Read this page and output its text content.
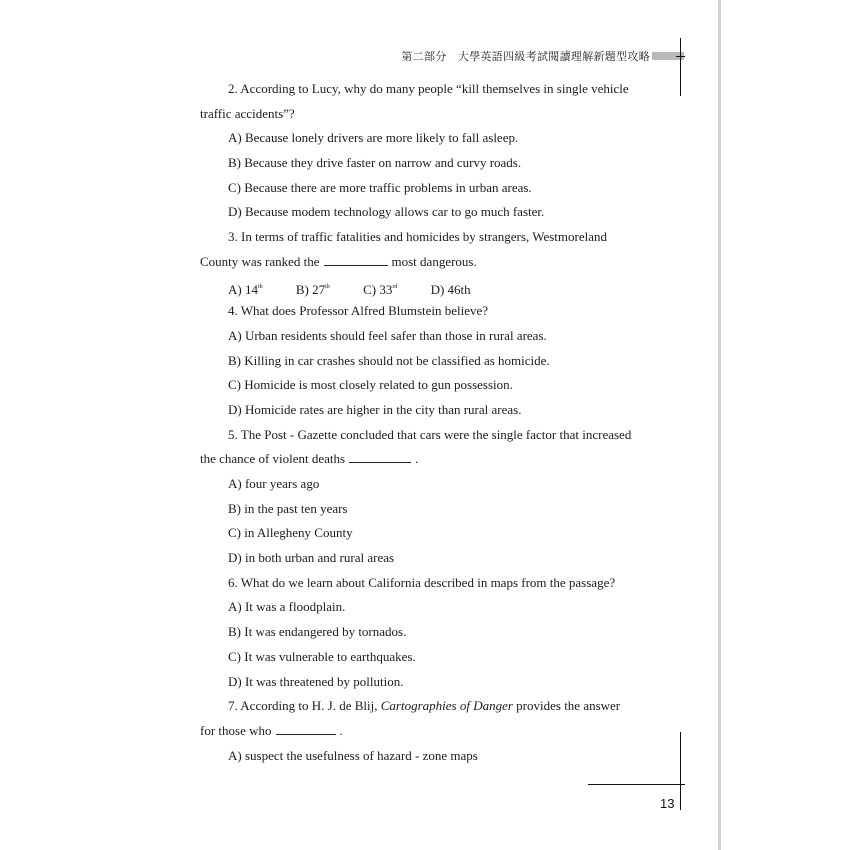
第二部分　大學英語四級考試閱讀理解新題型攻略
2. According to Lucy, why do many people “kill themselves in single vehicle
traffic accidents”?
A) Because lonely drivers are more likely to fall asleep.
B) Because they drive faster on narrow and curvy roads.
C) Because there are more traffic problems in urban areas.
D) Because modem technology allows car to go much faster.
3. In terms of traffic fatalities and homicides by strangers, Westmoreland
County was ranked the	most dangerous.
A) 14th	B) 27th	C) 33rd	D) 46th
4. What does Professor Alfred Blumstein believe?
A) Urban residents should feel safer than those in rural areas.
B) Killing in car crashes should not be classified as homicide.
C) Homicide is most closely related to gun possession.
D) Homicide rates are higher in the city than rural areas.
5. The Post - Gazette concluded that cars were the single factor that increased
the chance of violent deaths	.
A) four years ago
B) in the past ten years
C) in Allegheny County
D) in both urban and rural areas
6. What do we learn about California described in maps from the passage?
A) It was a floodplain.
B) It was endangered by tornados.
C) It was vulnerable to earthquakes.
D) It was threatened by pollution.
7. According to H. J. de Blij, Cartographies of Danger provides the answer
for those who	.
A) suspect the usefulness of hazard - zone maps
13
